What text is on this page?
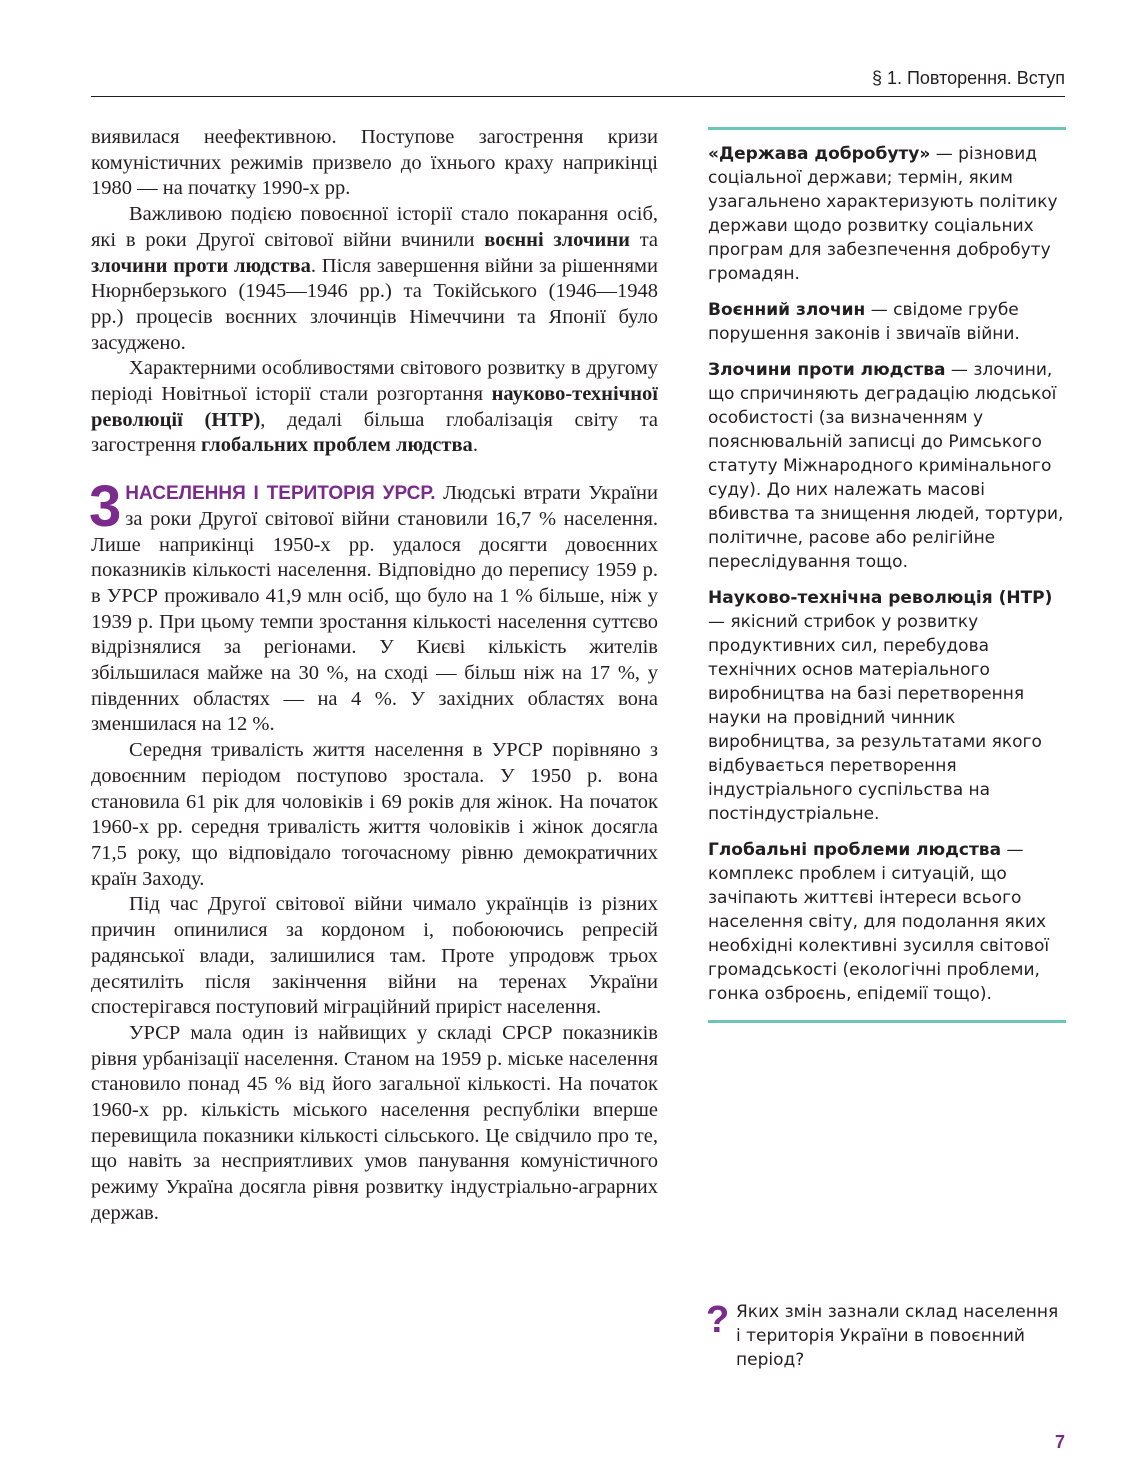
§ 1. Повторення. Вступ

виявилася неефективною. Поступове загострення кризи комуністичних режимів призвело до їхнього краху наприкінці 1980 — на початку 1990-х рр.

Важливою подією повоєнної історії стало покарання осіб, які в роки Другої світової війни вчинили воєнні злочини та злочини проти людства. Після завершення війни за рішеннями Нюрнберзького (1945—1946 рр.) та Токійського (1946—1948 рр.) процесів воєнних злочинців Німеччини та Японії було засуджено.

Характерними особливостями світового розвитку в другому періоді Новітньої історії стали розгортання науково-технічної революції (НТР), дедалі більша глобалізація світу та загострення глобальних проблем людства.

3 НАСЕЛЕННЯ І ТЕРИТОРІЯ УРСР. Людські втрати України за роки Другої світової війни становили 16,7 % населення. Лише наприкінці 1950-х рр. удалося досягти довоєнних показників кількості населення. Відповідно до перепису 1959 р. в УРСР проживало 41,9 млн осіб, що було на 1 % більше, ніж у 1939 р. При цьому темпи зростання кількості населення суттєво відрізнялися за регіонами. У Києві кількість жителів збільшилася майже на 30 %, на сході — більш ніж на 17 %, у південних областях — на 4 %. У західних областях вона зменшилася на 12 %.

Середня тривалість життя населення в УРСР порівняно з довоєнним періодом поступово зростала. У 1950 р. вона становила 61 рік для чоловіків і 69 років для жінок. На початок 1960-х рр. середня тривалість життя чоловіків і жінок досягла 71,5 року, що відповідало тогочасному рівню демократичних країн Заходу.

Під час Другої світової війни чимало українців із різних причин опинилися за кордоном і, побоюючись репресій радянської влади, залишилися там. Проте упродовж трьох десятиліть після закінчення війни на теренах України спостерігався поступовий міграційний приріст населення.

УРСР мала один із найвищих у складі СРСР показників рівня урбанізації населення. Станом на 1959 р. міське населення становило понад 45 % від його загальної кількості. На початок 1960-х рр. кількість міського населення республіки вперше перевищила показники кількості сільського. Це свідчило про те, що навіть за несприятливих умов панування комуністичного режиму Україна досягла рівня розвитку індустріально-аграрних держав.

«Держава добробуту» — різновид соціальної держави; термін, яким узагальнено характеризують політику держави щодо розвитку соціальних програм для забезпечення добробуту громадян.

Воєнний злочин — свідоме грубе порушення законів і звичаїв війни.

Злочини проти людства — злочини, що спричиняють деградацію людської особистості (за визначенням у пояснювальній записці до Римського статуту Міжнародного кримінального суду). До них належать масові вбивства та знищення людей, тортури, політичне, расове або релігійне переслідування тощо.

Науково-технічна революція (НТР) — якісний стрибок у розвитку продуктивних сил, перебудова технічних основ матеріального виробництва на базі перетворення науки на провідний чинник виробництва, за результатами якого відбувається перетворення індустріального суспільства на постіндустріальне.

Глобальні проблеми людства — комплекс проблем і ситуацій, що зачіпають життєві інтереси всього населення світу, для подолання яких необхідні колективні зусилля світової громадськості (екологічні проблеми, гонка озброєнь, епідемії тощо).

? Яких змін зазнали склад населення і територія України в повоєнний період?
7
